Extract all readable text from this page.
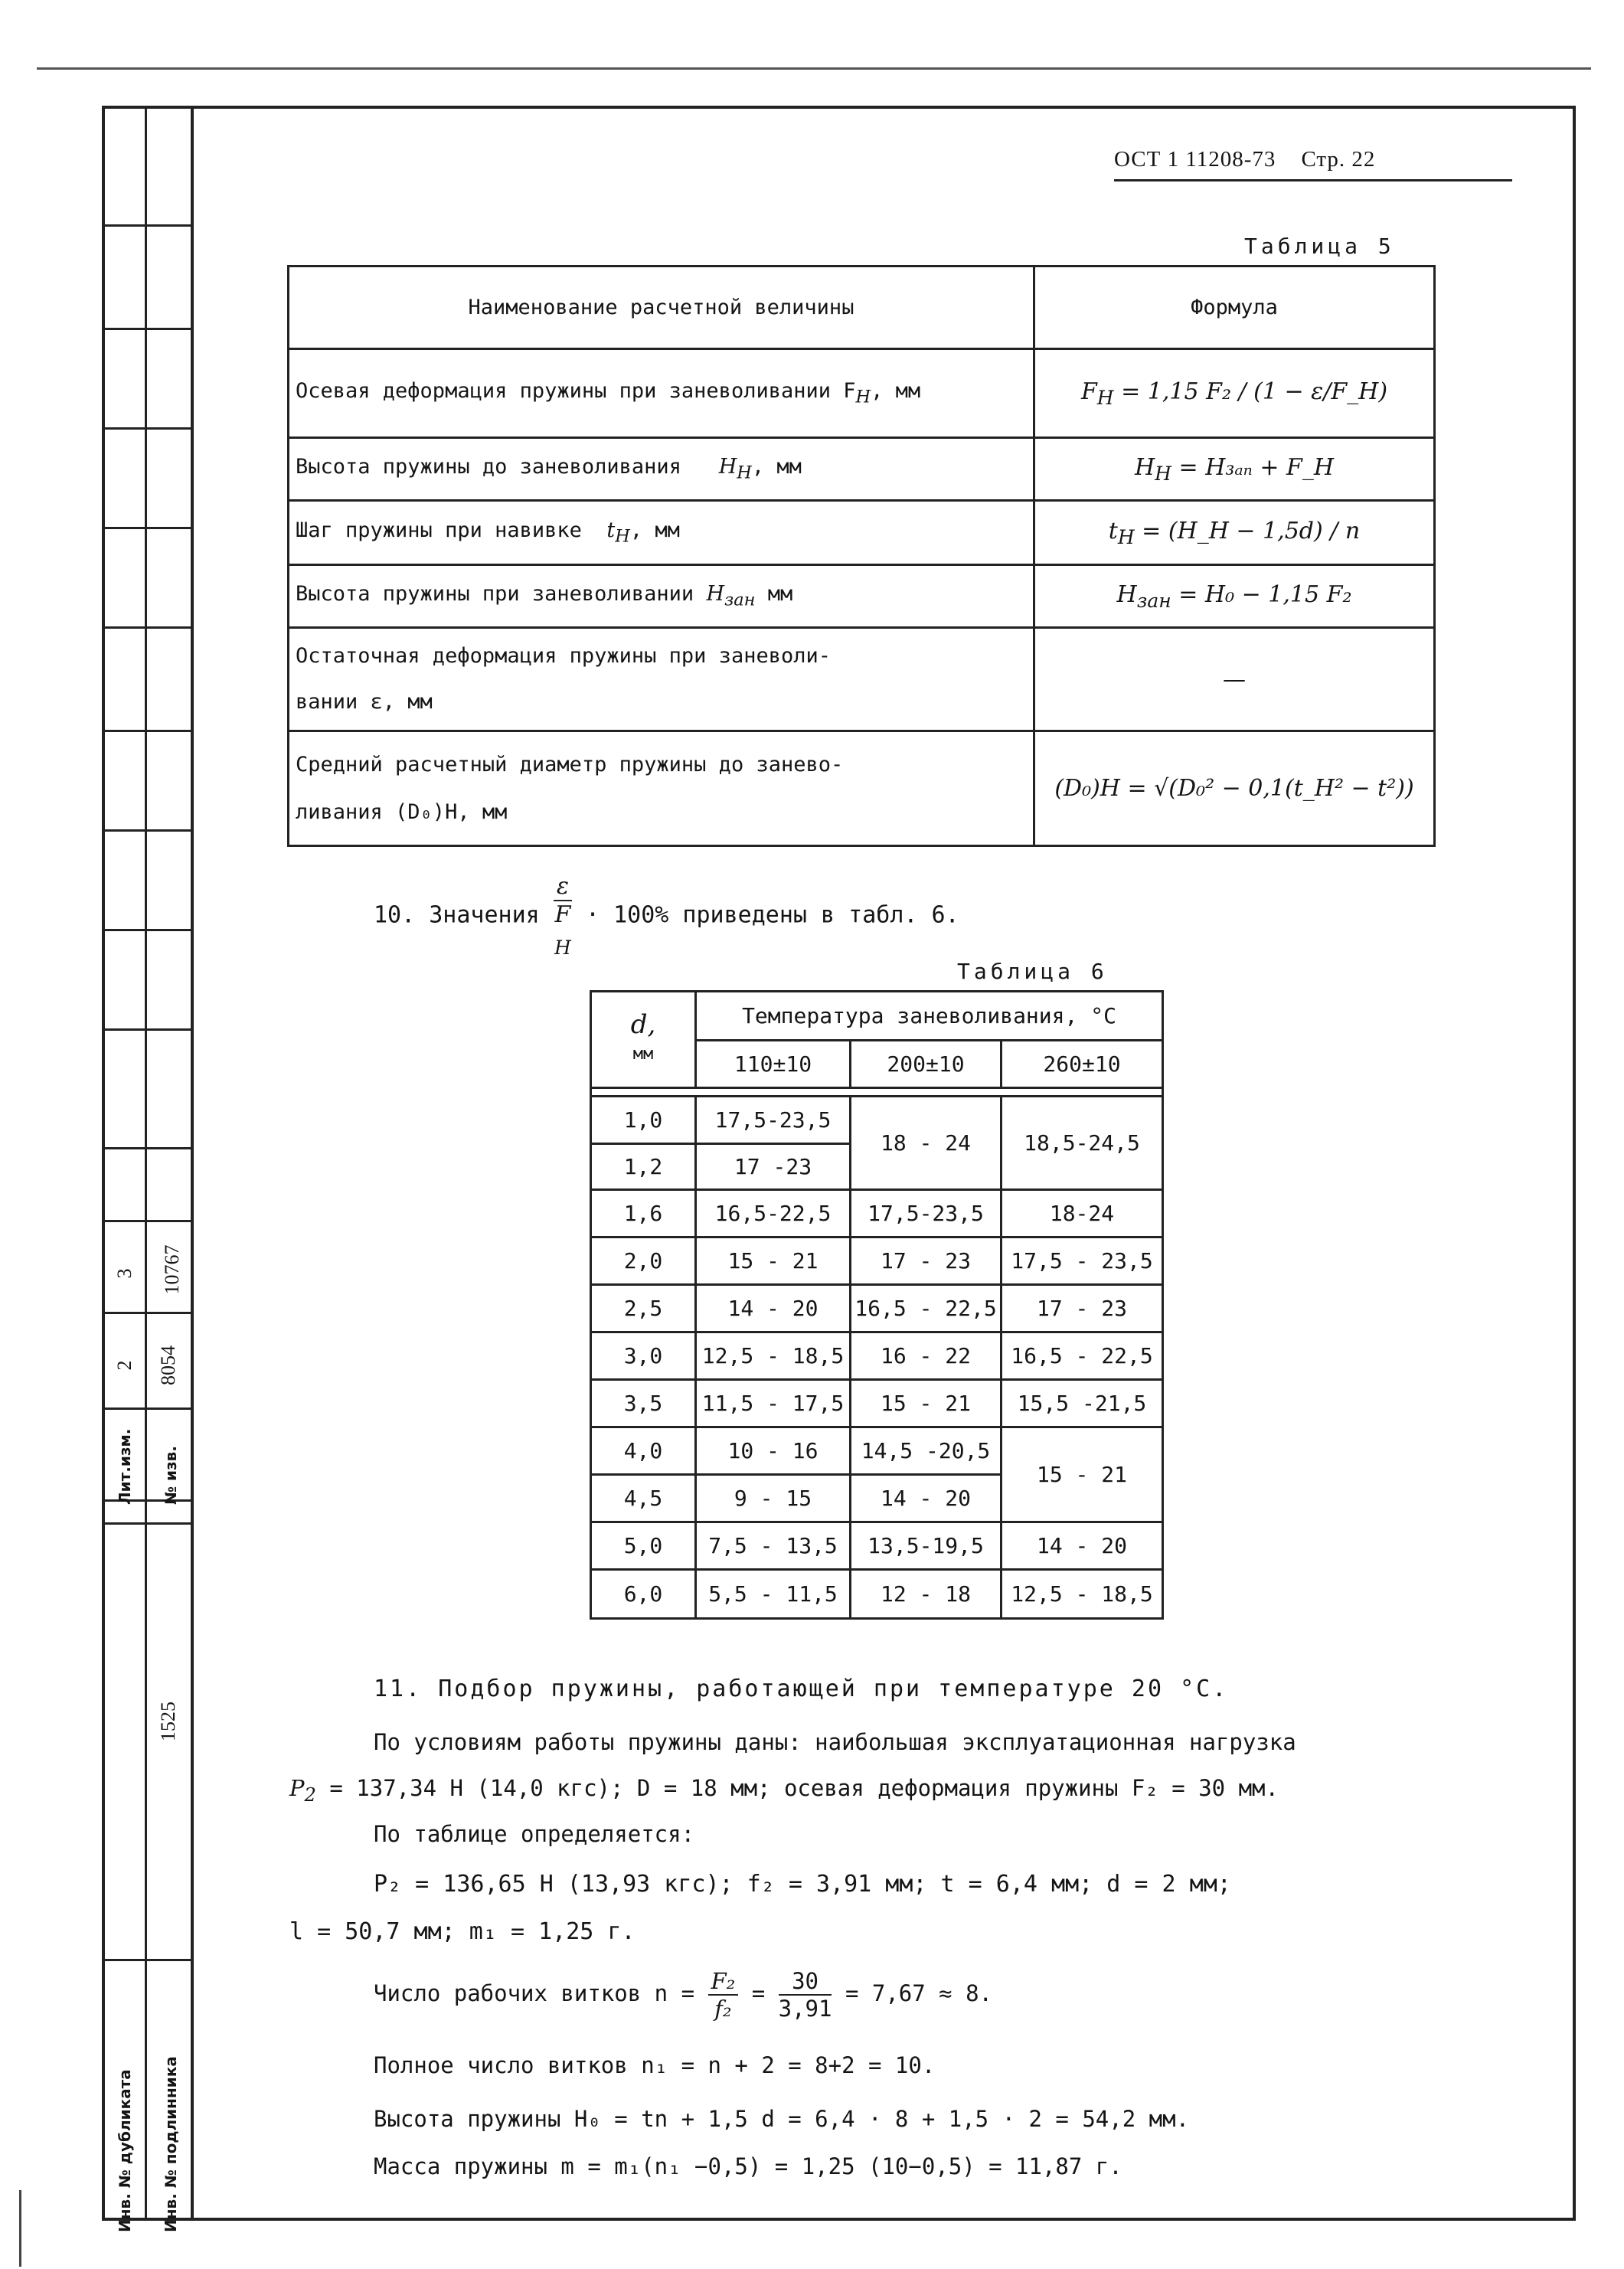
Лит.изм. № изв.
2
3
8054
10767
1525
Инв. № дубликата Инв. № подлинника
ОСТ 1 11208-73 Стр. 22
Таблица 5
Наименование расчетной величины	Формула
Осевая деформация пружины при заневоливании $F_Н$, мм	$F_Н = 1,15$ F₂ / (1 − ε/F_Н)
Высота пружины до заневоливания $H_Н$, мм	$H_Н = H_{3an}$ + F_Н
Шаг пружины при навивке $t_Н$, мм	$t_Н$ = (H_Н − 1,5d) / n
Высота пружины при заневоливании $H_{зан}$ мм	$H_{зан} = H_0 - 1,15$ F₂
Остаточная деформация пружины при заневоли-
вании ε, мм	—
Средний расчетный диаметр пружины до занево-
ливания (D₀)Н, мм	(D₀)Н = √(D₀² − 0,1(t_Н² − t²))
10. Значения ε
F
$_Н$ · 100% приведены в табл. 6.
Таблица 6
d,
мм	Температура заневоливания, °С		
	110±10	200±10	260±10

1,0	17,5-23,5	18 - 24	18,5-24,5
1,2	17 -23		
1,6	16,5-22,5	17,5-23,5	18-24
2,0	15 - 21	17 - 23	17,5 - 23,5
2,5	14 - 20	16,5 - 22,5	17 - 23
3,0	12,5 - 18,5	16 - 22	16,5 - 22,5
3,5	11,5 - 17,5	15 - 21	15,5 -21,5
4,0	10 - 16	14,5 -20,5	15 - 21
4,5	9 - 15	14 - 20	
5,0	7,5 - 13,5	13,5-19,5	14 - 20
6,0	5,5 - 11,5	12 - 18	12,5 - 18,5
11. Подбор пружины, работающей при температуре 20 °С.
По условиям работы пружины даны: наибольшая эксплуатационная нагрузка
$P_2 = 137,34$ Н (14,0 кгс); D = 18 мм; осевая деформация пружины F₂ = 30 мм.
По таблице определяется:
P₂ = 136,65 Н (13,93 кгс); f₂ = 3,91 мм; t = 6,4 мм; d = 2 мм;
l = 50,7 мм; m₁ = 1,25 г.
Число рабочих витков $n = \frac{\text{F₂}}{\text{f₂}} = \frac{30}{3,91} = 7,67 \approx 8$.
Полное число витков n₁ = n + 2 = 8+2 = 10.
Высота пружины H₀ = tn + 1,5 d = 6,4 · 8 + 1,5 · 2 = 54,2 мм.
Масса пружины m = m₁(n₁ −0,5) = 1,25 (10−0,5) = 11,87 г.
